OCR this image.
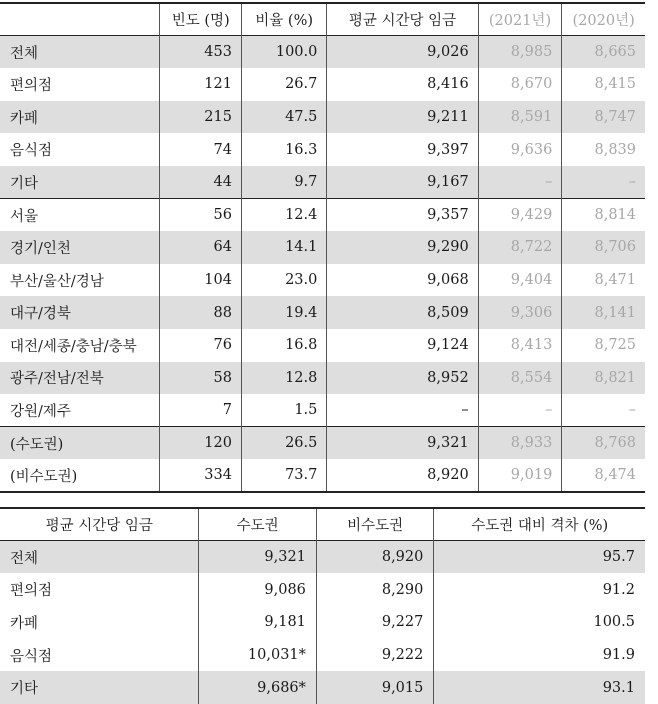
	빈도 (명)	비율 (%)	평균 시간당 임금	(2021년)	(2020년)
전체	453	100.0	9,026	8,985	8,665
편의점	121	26.7	8,416	8,670	8,415
카페	215	47.5	9,211	8,591	8,747
음식점	74	16.3	9,397	9,636	8,839
기타	44	9.7	9,167	–	–
서울	56	12.4	9,357	9,429	8,814
경기/인천	64	14.1	9,290	8,722	8,706
부산/울산/경남	104	23.0	9,068	9,404	8,471
대구/경북	88	19.4	8,509	9,306	8,141
대전/세종/충남/충북	76	16.8	9,124	8,413	8,725
광주/전남/전북	58	12.8	8,952	8,554	8,821
강원/제주	7	1.5	–	–	–
(수도권)	120	26.5	9,321	8,933	8,768
(비수도권)	334	73.7	8,920	9,019	8,474
평균 시간당 임금	수도권	비수도권	수도권 대비 격차 (%)
전체	9,321	8,920	95.7
편의점	9,086	8,290	91.2
카페	9,181	9,227	100.5
음식점	10,031*	9,222	91.9
기타	9,686*	9,015	93.1
